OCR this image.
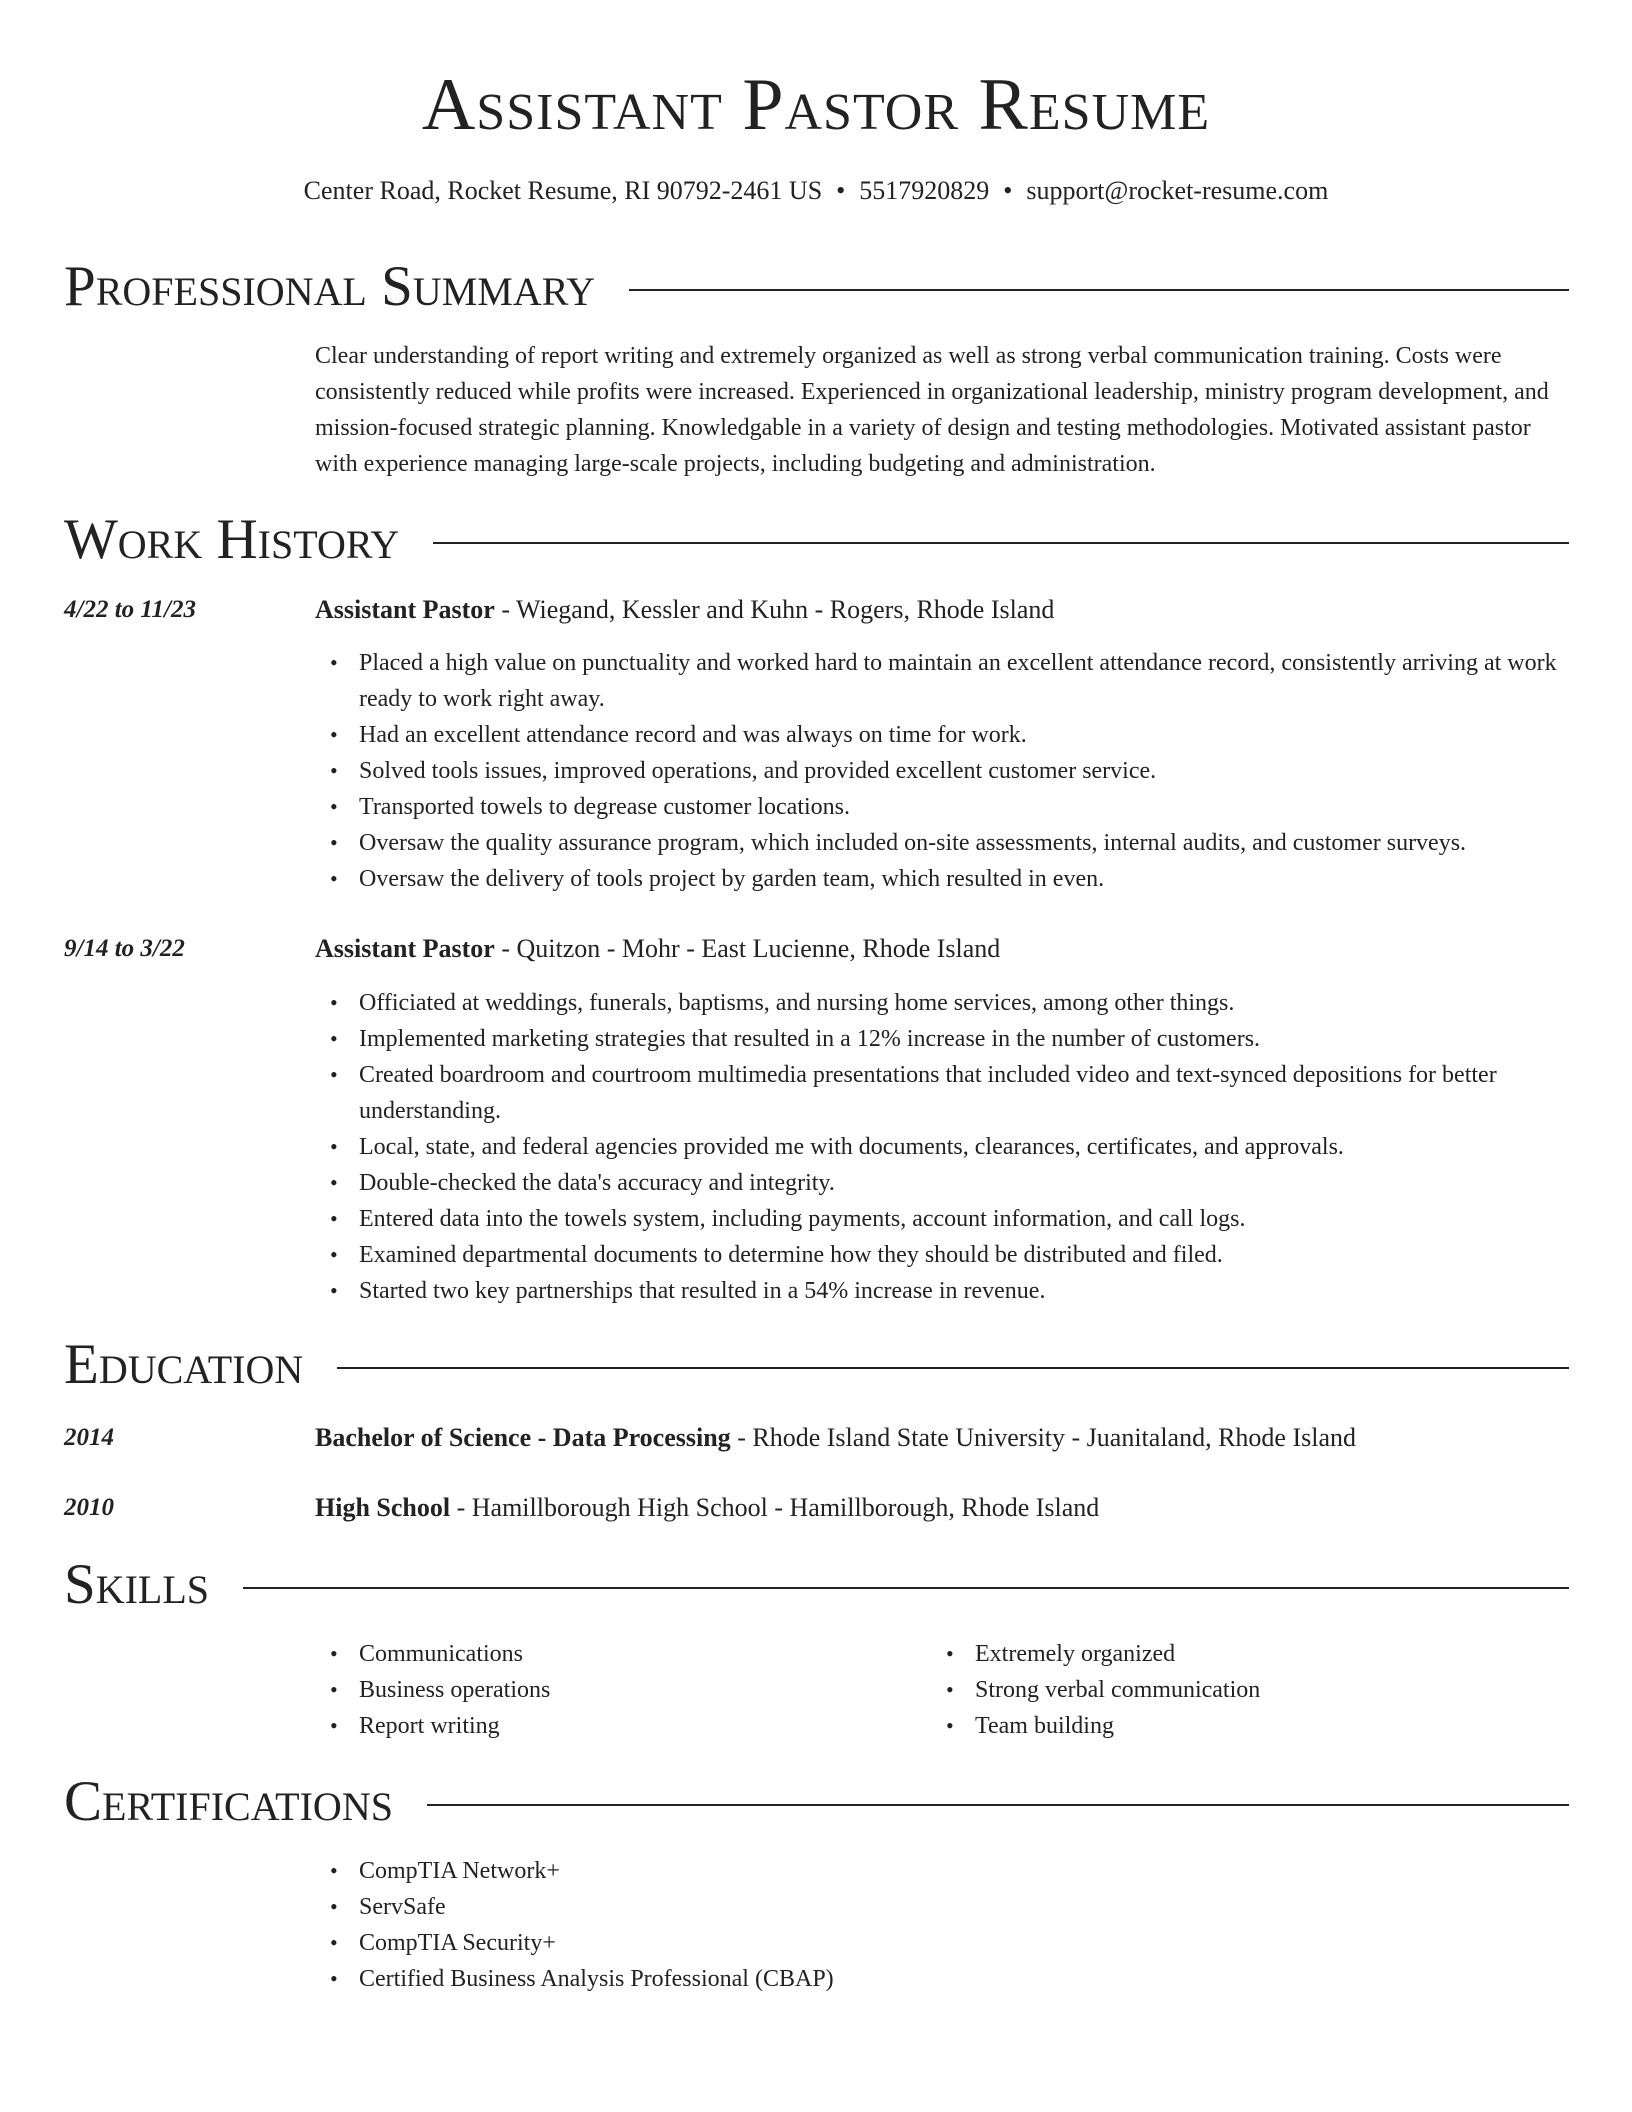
Assistant Pastor Resume
Center Road, Rocket Resume, RI 90792-2461 US • 5517920829 • support@rocket-resume.com
Professional Summary
Clear understanding of report writing and extremely organized as well as strong verbal communication training. Costs were consistently reduced while profits were increased. Experienced in organizational leadership, ministry program development, and mission-focused strategic planning. Knowledgable in a variety of design and testing methodologies. Motivated assistant pastor with experience managing large-scale projects, including budgeting and administration.
Work History
4/22 to 11/23	Assistant Pastor - Wiegand, Kessler and Kuhn - Rogers, Rhode Island
• Placed a high value on punctuality and worked hard to maintain an excellent attendance record, consistently arriving at work ready to work right away.
• Had an excellent attendance record and was always on time for work.
• Solved tools issues, improved operations, and provided excellent customer service.
• Transported towels to degrease customer locations.
• Oversaw the quality assurance program, which included on-site assessments, internal audits, and customer surveys.
• Oversaw the delivery of tools project by garden team, which resulted in even.
9/14 to 3/22	Assistant Pastor - Quitzon - Mohr - East Lucienne, Rhode Island
• Officiated at weddings, funerals, baptisms, and nursing home services, among other things.
• Implemented marketing strategies that resulted in a 12% increase in the number of customers.
• Created boardroom and courtroom multimedia presentations that included video and text-synced depositions for better understanding.
• Local, state, and federal agencies provided me with documents, clearances, certificates, and approvals.
• Double-checked the data's accuracy and integrity.
• Entered data into the towels system, including payments, account information, and call logs.
• Examined departmental documents to determine how they should be distributed and filed.
• Started two key partnerships that resulted in a 54% increase in revenue.
Education
2014	Bachelor of Science - Data Processing - Rhode Island State University - Juanitaland, Rhode Island
2010	High School - Hamillborough High School - Hamillborough, Rhode Island
Skills
• Communications
• Business operations
• Report writing
• Extremely organized
• Strong verbal communication
• Team building
Certifications
• CompTIA Network+
• ServSafe
• CompTIA Security+
• Certified Business Analysis Professional (CBAP)
